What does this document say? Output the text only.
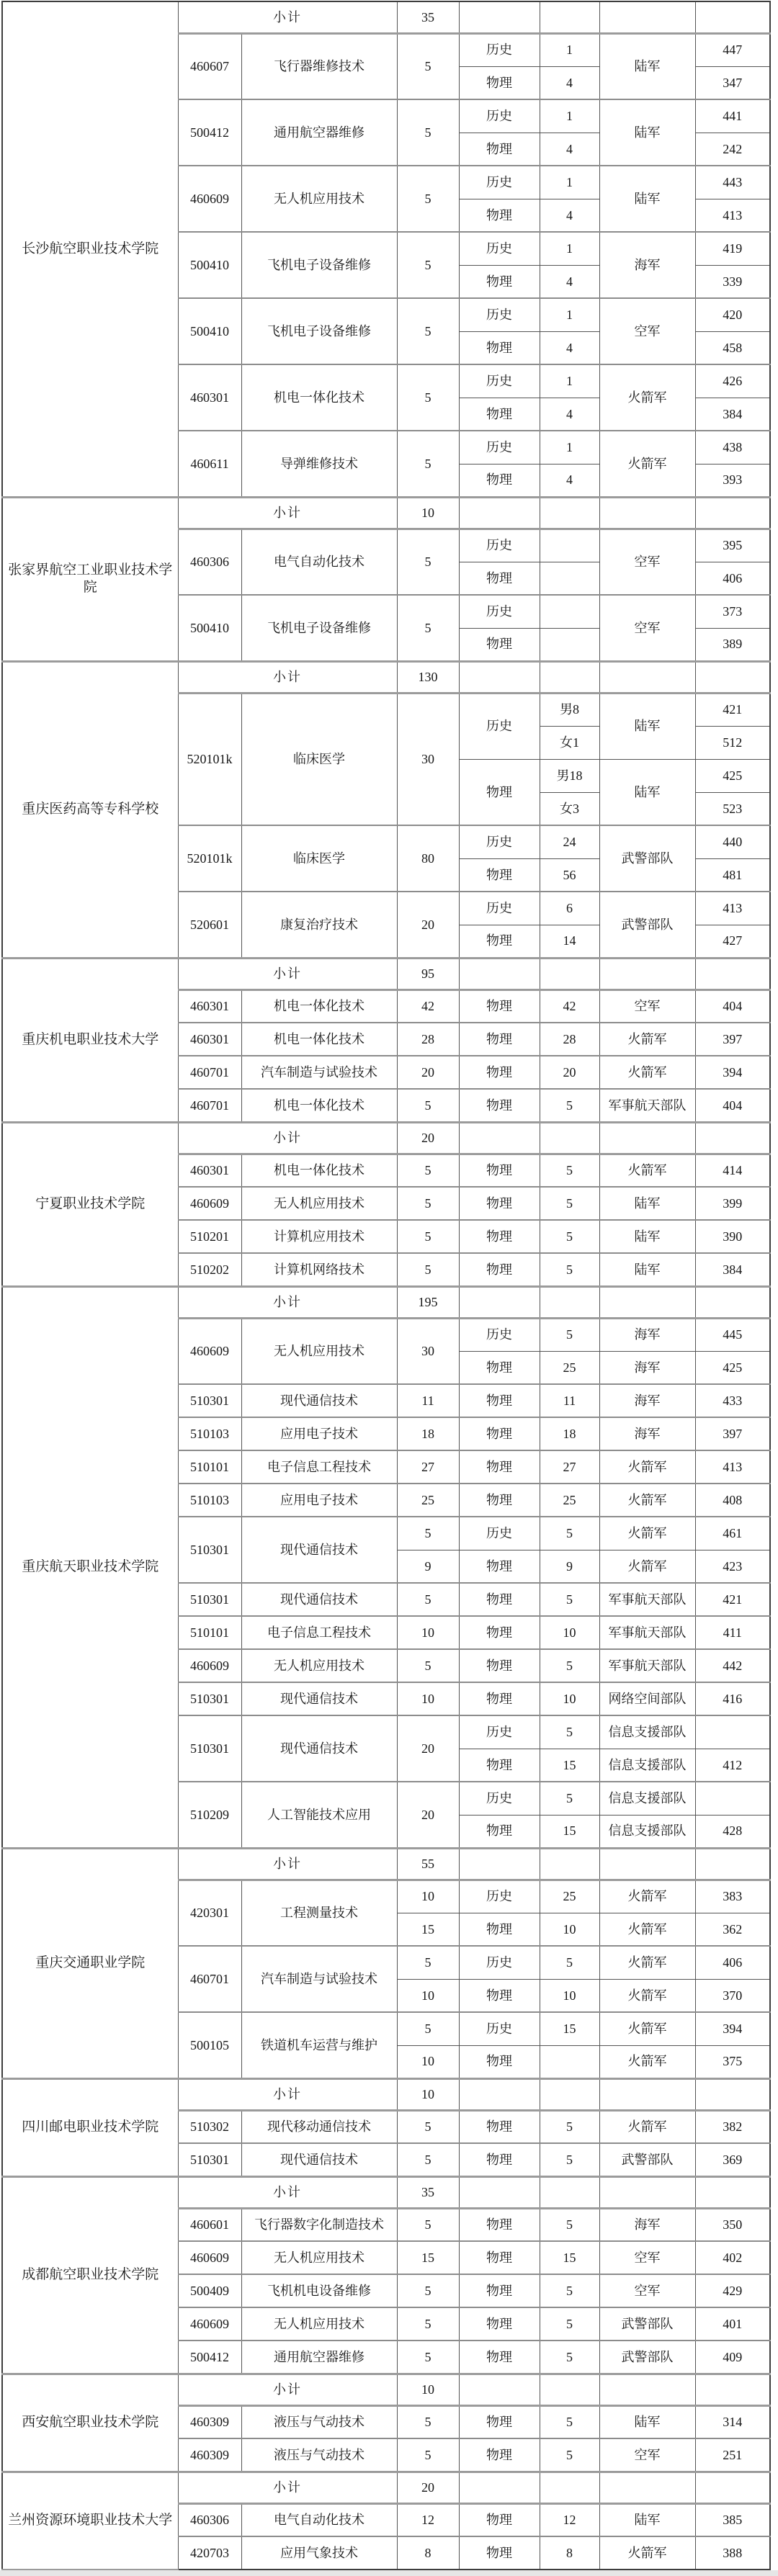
长沙航空职业技术学院	小计		35				
	460607	飞行器维修技术	5	历史	1	陆军	447
				物理	4		347
	500412	通用航空器维修	5	历史	1	陆军	441
				物理	4		242
	460609	无人机应用技术	5	历史	1	陆军	443
				物理	4		413
	500410	飞机电子设备维修	5	历史	1	海军	419
				物理	4		339
	500410	飞机电子设备维修	5	历史	1	空军	420
				物理	4		458
	460301	机电一体化技术	5	历史	1	火箭军	426
				物理	4		384
	460611	导弹维修技术	5	历史	1	火箭军	438
				物理	4		393
张家界航空工业职业技术学院	小计		10				
	460306	电气自动化技术	5	历史		空军	395
				物理			406
	500410	飞机电子设备维修	5	历史		空军	373
				物理			389
重庆医药高等专科学校	小计		130				
	520101k	临床医学	30	历史	男8	陆军	421
					女1		512
				物理	男18	陆军	425
					女3		523
	520101k	临床医学	80	历史	24	武警部队	440
				物理	56		481
	520601	康复治疗技术	20	历史	6	武警部队	413
				物理	14		427
重庆机电职业技术大学	小计		95				
	460301	机电一体化技术	42	物理	42	空军	404
	460301	机电一体化技术	28	物理	28	火箭军	397
	460701	汽车制造与试验技术	20	物理	20	火箭军	394
	460701	机电一体化技术	5	物理	5	军事航天部队	404
宁夏职业技术学院	小计		20				
	460301	机电一体化技术	5	物理	5	火箭军	414
	460609	无人机应用技术	5	物理	5	陆军	399
	510201	计算机应用技术	5	物理	5	陆军	390
	510202	计算机网络技术	5	物理	5	陆军	384
重庆航天职业技术学院	小计		195				
	460609	无人机应用技术	30	历史	5	海军	445
				物理	25	海军	425
	510301	现代通信技术	11	物理	11	海军	433
	510103	应用电子技术	18	物理	18	海军	397
	510101	电子信息工程技术	27	物理	27	火箭军	413
	510103	应用电子技术	25	物理	25	火箭军	408
	510301	现代通信技术	5	历史	5	火箭军	461
			9	物理	9	火箭军	423
	510301	现代通信技术	5	物理	5	军事航天部队	421
	510101	电子信息工程技术	10	物理	10	军事航天部队	411
	460609	无人机应用技术	5	物理	5	军事航天部队	442
	510301	现代通信技术	10	物理	10	网络空间部队	416
	510301	现代通信技术	20	历史	5	信息支援部队	
				物理	15	信息支援部队	412
	510209	人工智能技术应用	20	历史	5	信息支援部队	
				物理	15	信息支援部队	428
重庆交通职业学院	小计		55				
	420301	工程测量技术	10	历史	25	火箭军	383
			15	物理	10	火箭军	362
	460701	汽车制造与试验技术	5	历史	5	火箭军	406
			10	物理	10	火箭军	370
	500105	铁道机车运营与维护	5	历史	15	火箭军	394
			10	物理		火箭军	375
四川邮电职业技术学院	小计		10				
	510302	现代移动通信技术	5	物理	5	火箭军	382
	510301	现代通信技术	5	物理	5	武警部队	369
成都航空职业技术学院	小计		35				
	460601	飞行器数字化制造技术	5	物理	5	海军	350
	460609	无人机应用技术	15	物理	15	空军	402
	500409	飞机机电设备维修	5	物理	5	空军	429
	460609	无人机应用技术	5	物理	5	武警部队	401
	500412	通用航空器维修	5	物理	5	武警部队	409
西安航空职业技术学院	小计		10				
	460309	液压与气动技术	5	物理	5	陆军	314
	460309	液压与气动技术	5	物理	5	空军	251
兰州资源环境职业技术大学	小计		20				
	460306	电气自动化技术	12	物理	12	陆军	385
	420703	应用气象技术	8	物理	8	火箭军	388
